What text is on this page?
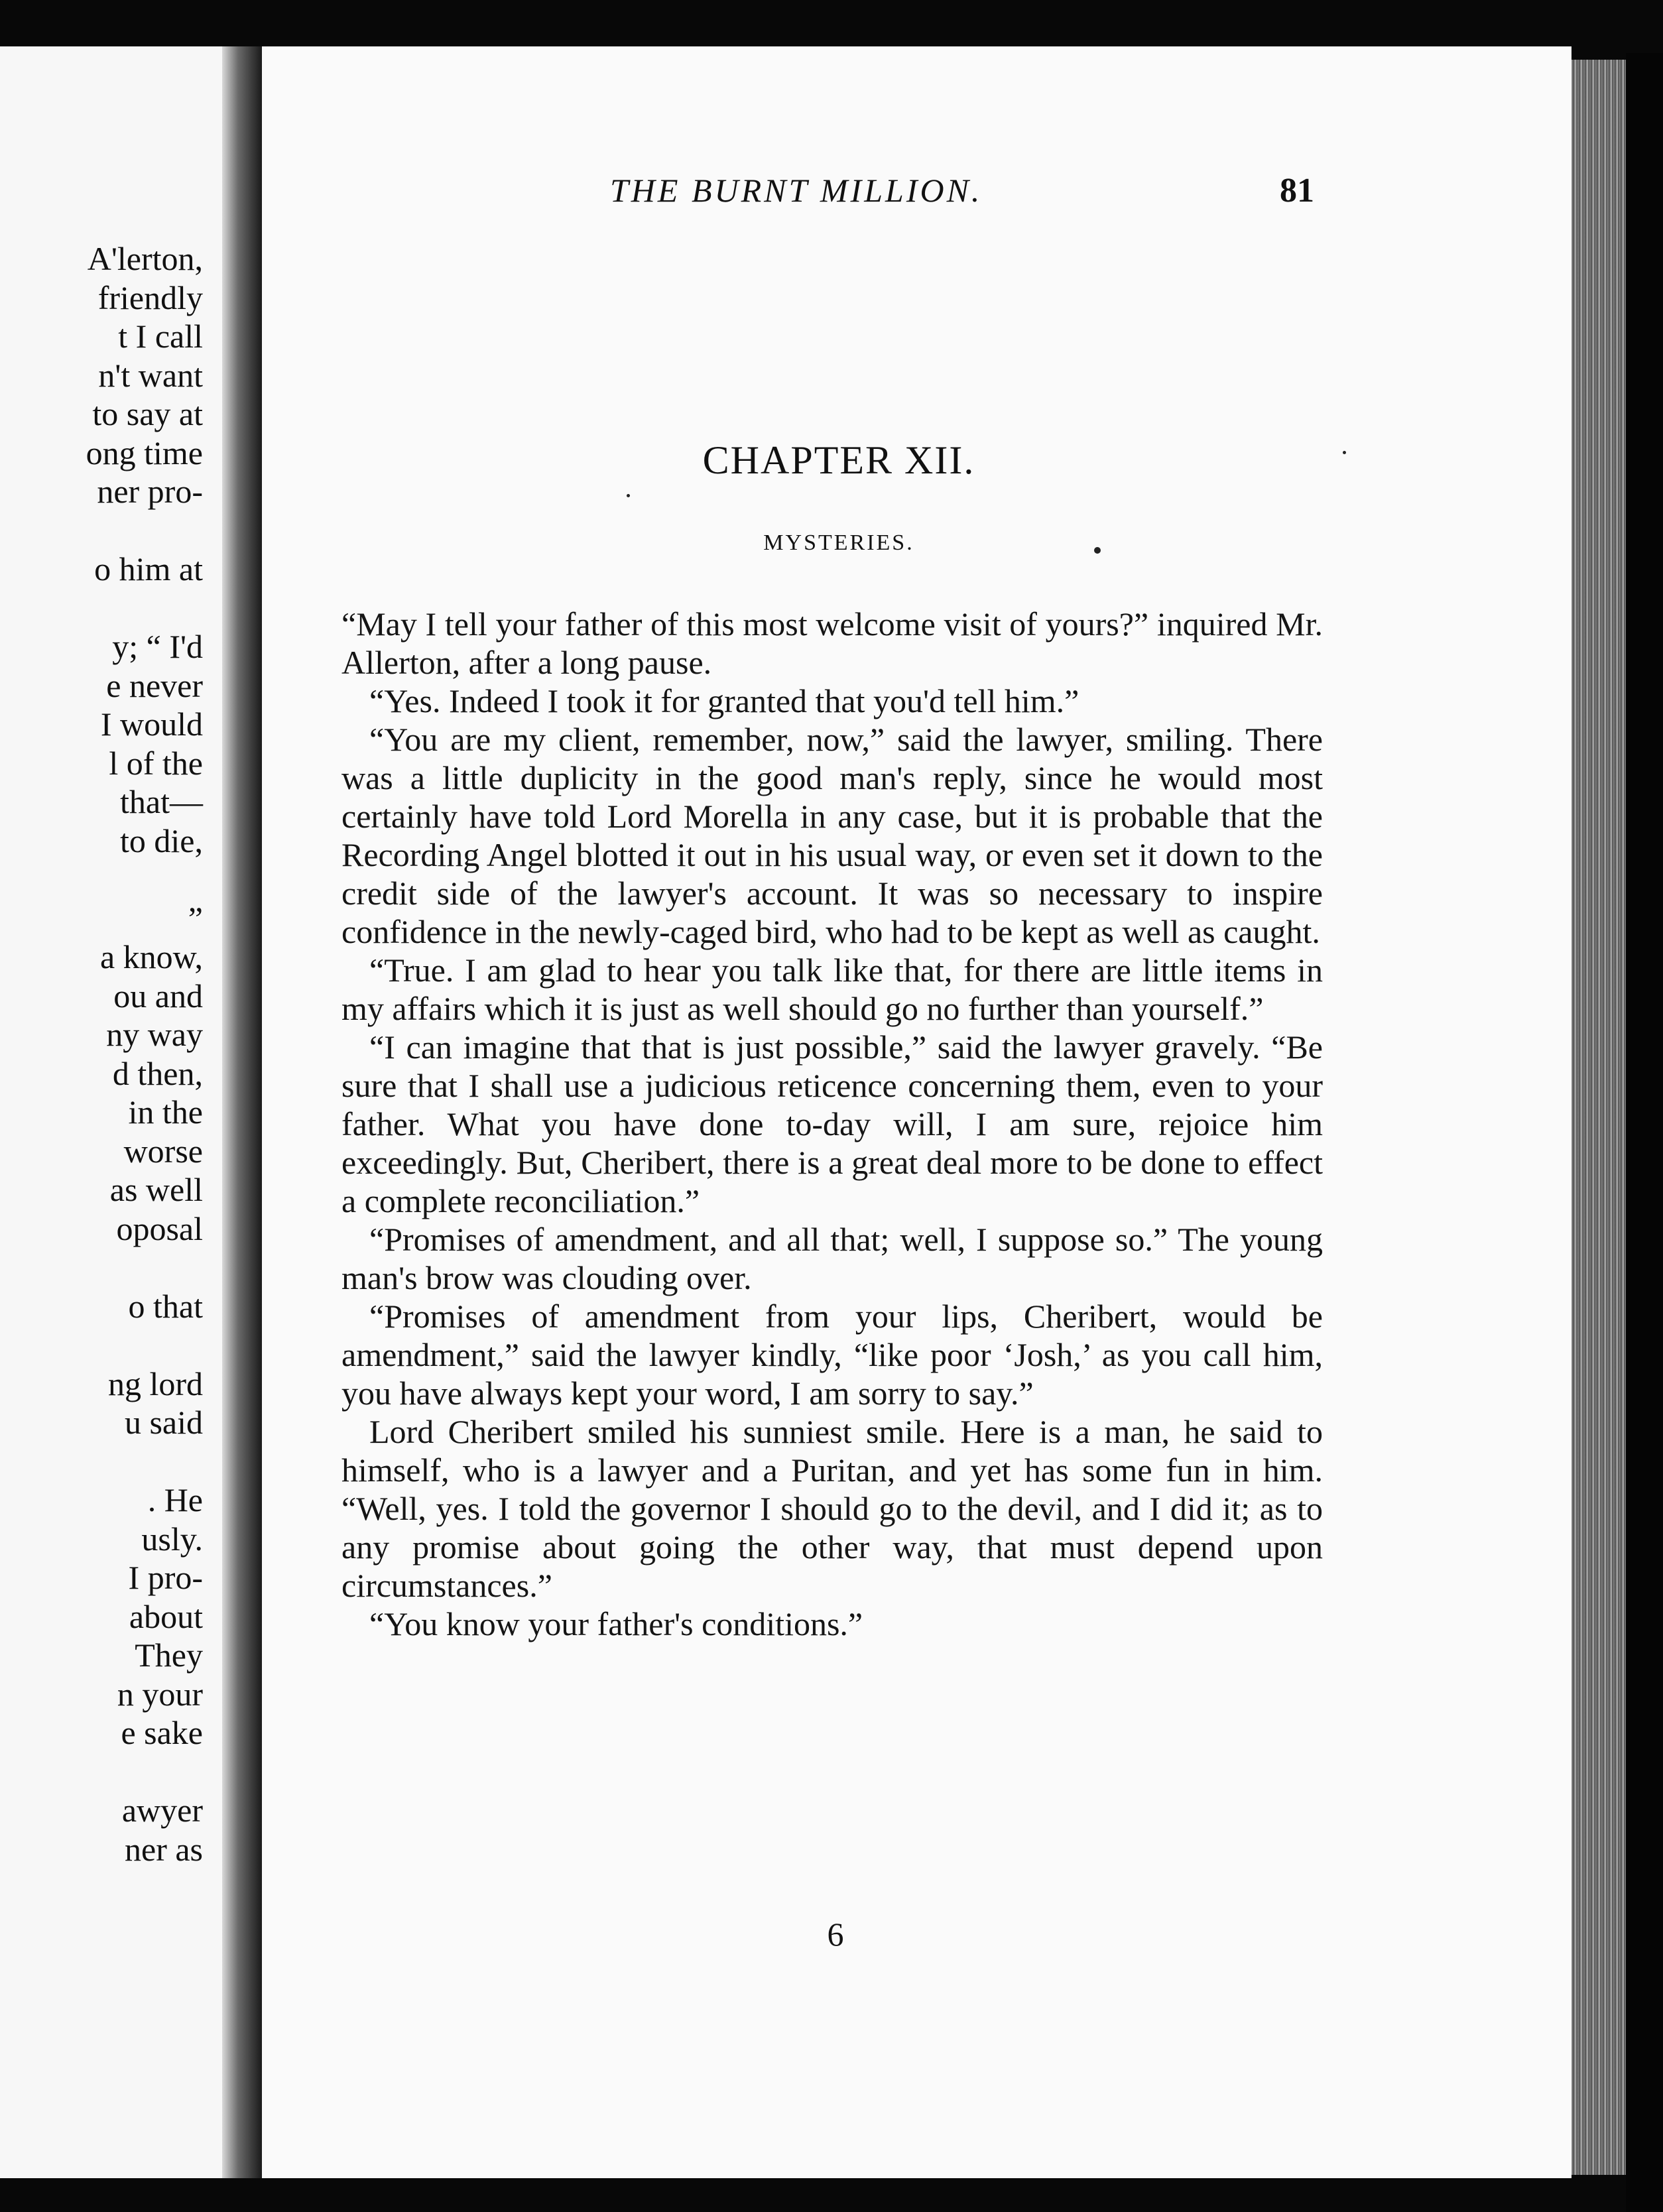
A'lerton,
friendly
t I call
n't want
to say at
ong time
ner pro-
o him at
y; “ I'd
e never
I would
l of the
that—
to die,
”
a know,
ou and
ny way
d then,
in the
worse
as well
oposal
o that
ng lord
u said
. He
usly.
I pro-
about
They
n your
e sake
awyer
ner as
THE BURNT MILLION.	81
CHAPTER XII.
MYSTERIES.

“May I tell your father of this most welcome visit of yours?” inquired Mr. Allerton, after a long pause.

“Yes. Indeed I took it for granted that you'd tell him.”

“You are my client, remember, now,” said the lawyer, smiling. There was a little duplicity in the good man's reply, since he would most certainly have told Lord Morella in any case, but it is probable that the Recording Angel blotted it out in his usual way, or even set it down to the credit side of the lawyer's account. It was so necessary to inspire confidence in the newly-caged bird, who had to be kept as well as caught.

“True. I am glad to hear you talk like that, for there are little items in my affairs which it is just as well should go no further than yourself.”

“I can imagine that that is just possible,” said the lawyer gravely. “Be sure that I shall use a judicious reticence concerning them, even to your father. What you have done to-day will, I am sure, rejoice him exceedingly. But, Cheribert, there is a great deal more to be done to effect a complete reconciliation.”

“Promises of amendment, and all that; well, I suppose so.” The young man's brow was clouding over.

“Promises of amendment from your lips, Cheribert, would be amendment,” said the lawyer kindly, “like poor ‘Josh,’ as you call him, you have always kept your word, I am sorry to say.”

Lord Cheribert smiled his sunniest smile. Here is a man, he said to himself, who is a lawyer and a Puritan, and yet has some fun in him. “Well, yes. I told the governor I should go to the devil, and I did it; as to any promise about going the other way, that must depend upon circumstances.”

“You know your father's conditions.”

6
